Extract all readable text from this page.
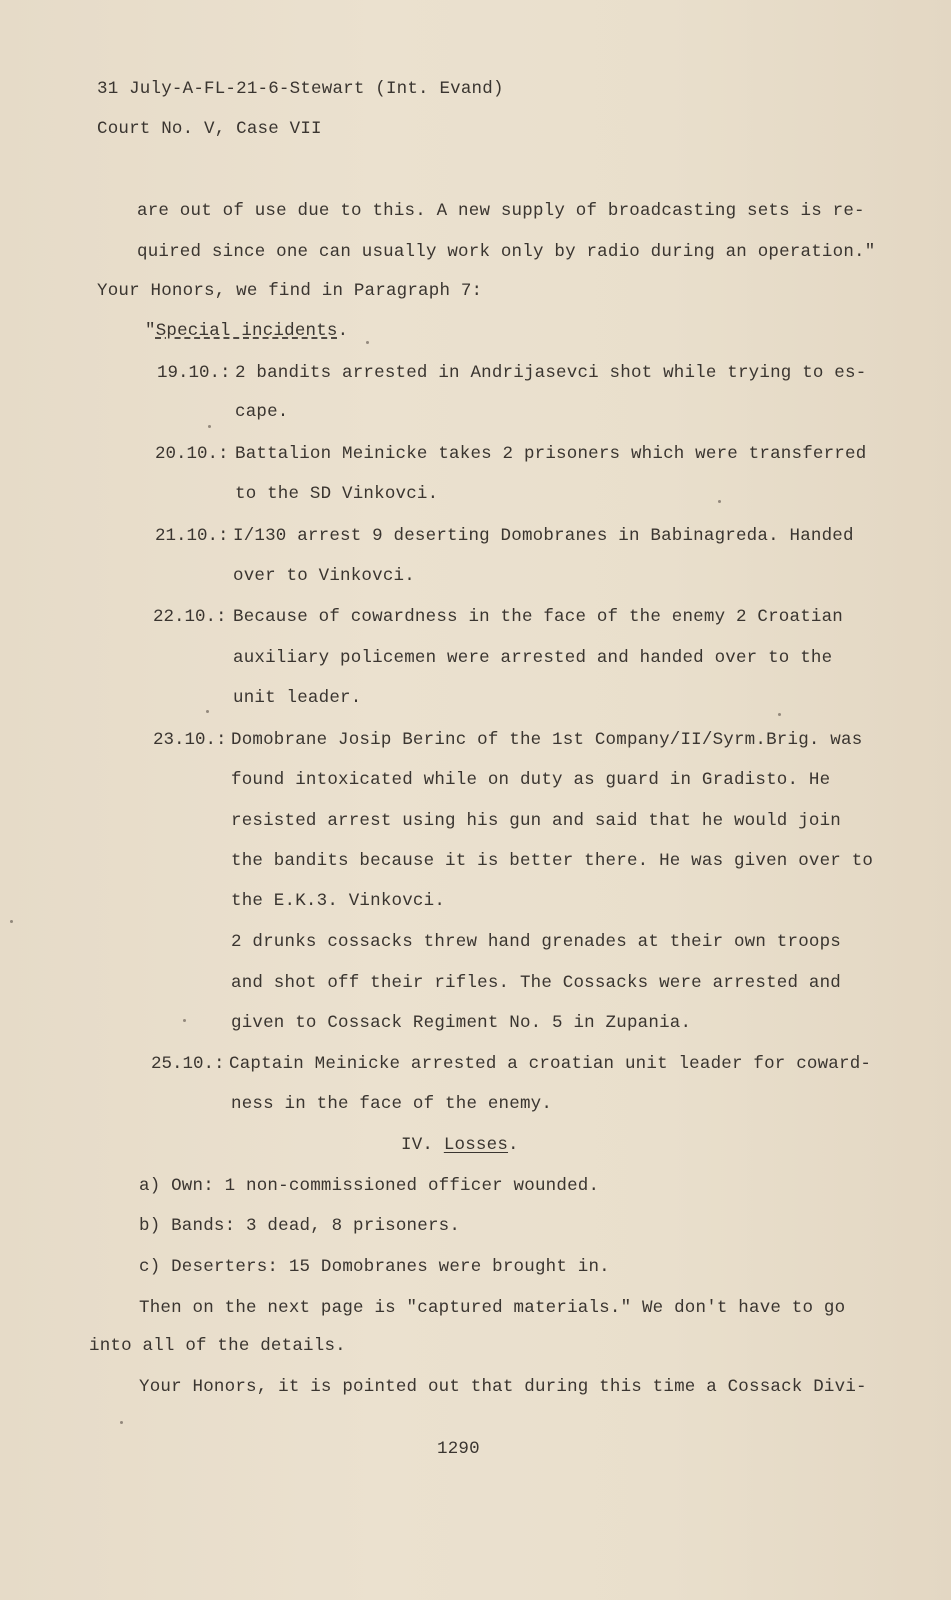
31 July-A-FL-21-6-Stewart (Int. Evand)
Court No. V, Case VII
are out of use due to this. A new supply of broadcasting sets is re-
quired since one can usually work only by radio during an operation."
Your Honors, we find in Paragraph 7:
"Special incidents.
19.10.: 2 bandits arrested in Andrijasevci shot while trying to es-
cape.
20.10.: Battalion Meinicke takes 2 prisoners which were transferred
to the SD Vinkovci.
21.10.: I/130 arrest 9 deserting Domobranes in Babinagreda. Handed
over to Vinkovci.
22.10.: Because of cowardness in the face of the enemy 2 Croatian
auxiliary policemen were arrested and handed over to the
unit leader.
23.10.: Domobrane Josip Berinc of the 1st Company/II/Syrm.Brig. was
found intoxicated while on duty as guard in Gradisto. He
resisted arrest using his gun and said that he would join
the bandits because it is better there. He was given over to
the E.K.3. Vinkovci.
2 drunks cossacks threw hand grenades at their own troops
and shot off their rifles. The Cossacks were arrested and
given to Cossack Regiment No. 5 in Zupania.
25.10.: Captain Meinicke arrested a croatian unit leader for coward-
ness in the face of the enemy.
IV. Losses.
a) Own: 1 non-commissioned officer wounded.
b) Bands: 3 dead, 8 prisoners.
c) Deserters: 15 Domobranes were brought in.
Then on the next page is "captured materials." We don't have to go
into all of the details.
Your Honors, it is pointed out that during this time a Cossack Divi-
1290
